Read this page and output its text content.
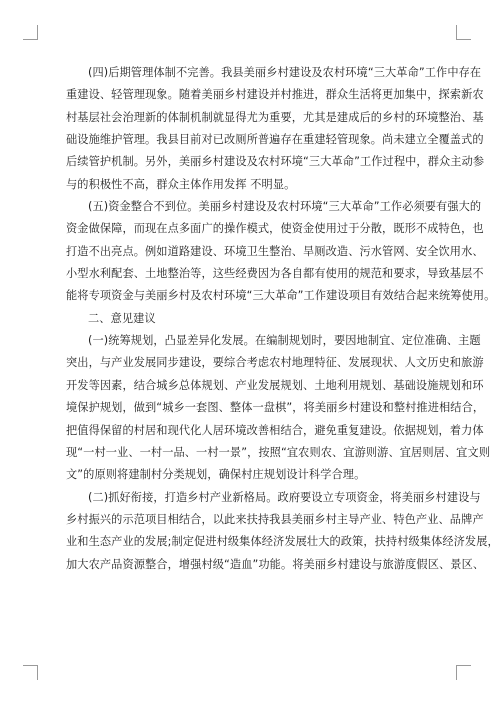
(四)后期管理体制不完善。我县美丽乡村建设及农村环境“三大革命”工作中存在
重建设、轻管理现象。随着美丽乡村建设并村推进，群众生活将更加集中，探索新农
村基层社会治理新的体制机制就显得尤为重要，尤其是建成后的乡村的环境整治、基
础设施维护管理。我县目前对已改厕所普遍存在重建轻管现象。尚未建立全覆盖式的
后续管护机制。另外，美丽乡村建设及农村环境“三大革命”工作过程中，群众主动参
与的积极性不高，群众主体作用发挥 不明显。

(五)资金整合不到位。美丽乡村建设及农村环境“三大革命”工作必须要有强大的
资金做保障，而现在点多面广的操作模式，使资金使用过于分散，既形不成特色，也
打造不出亮点。例如道路建设、环境卫生整治、旱厕改造、污水管网、安全饮用水、
小型水利配套、土地整治等，这些经费因为各自都有使用的规范和要求，导致基层不
能将专项资金与美丽乡村及农村环境“三大革命”工作建设项目有效结合起来统筹使用。

二、意见建议

(一)统筹规划，凸显差异化发展。在编制规划时，要因地制宜、定位准确、主题
突出，与产业发展同步建设，要综合考虑农村地理特征、发展现状、人文历史和旅游
开发等因素，结合城乡总体规划、产业发展规划、土地利用规划、基础设施规划和环
境保护规划，做到“城乡一套图、整体一盘棋”，将美丽乡村建设和整村推进相结合，
把值得保留的村居和现代化人居环境改善相结合，避免重复建设。依据规划，着力体
现“一村一业、一村一品、一村一景”，按照“宜农则农、宜游则游、宜居则居、宜文则
文”的原则将建制村分类规划，确保村庄规划设计科学合理。

(二)抓好衔接，打造乡村产业新格局。政府要设立专项资金，将美丽乡村建设与
乡村振兴的示范项目相结合，以此来扶持我县美丽乡村主导产业、特色产业、品牌产
业和生态产业的发展;制定促进村级集体经济发展壮大的政策，扶持村级集体经济发展，
加大农产品资源整合，增强村级“造血”功能。将美丽乡村建设与旅游度假区、景区、
